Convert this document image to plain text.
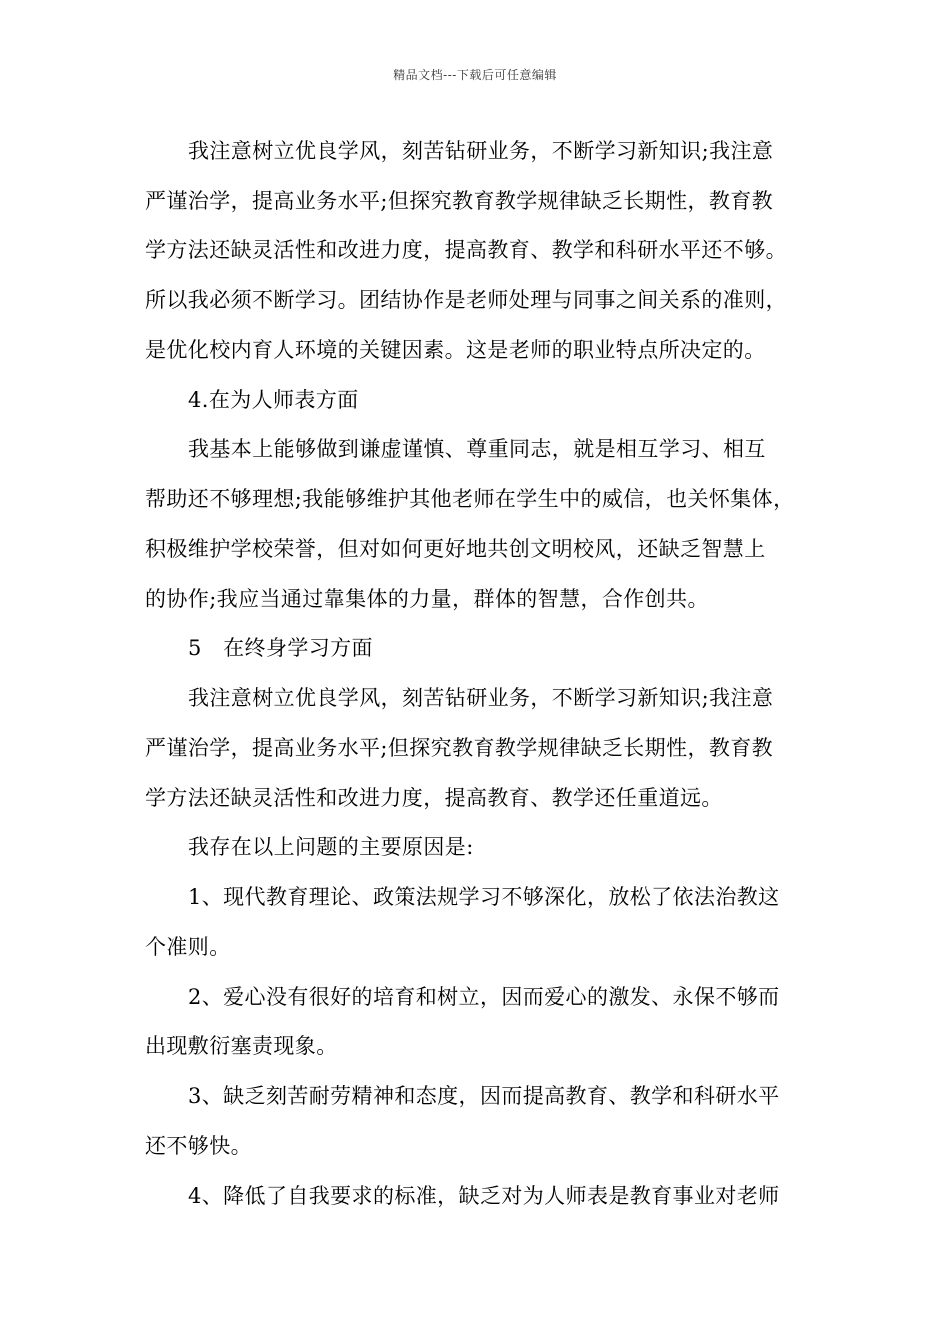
精品文档---下载后可任意编辑
我注意树立优良学风，刻苦钻研业务，不断学习新知识;我注意
严谨治学，提高业务水平;但探究教育教学规律缺乏长期性，教育教
学方法还缺灵活性和改进力度，提高教育、教学和科研水平还不够。
所以我必须不断学习。团结协作是老师处理与同事之间关系的准则，
是优化校内育人环境的关键因素。这是老师的职业特点所决定的。
4.在为人师表方面
我基本上能够做到谦虚谨慎、尊重同志，就是相互学习、相互
帮助还不够理想;我能够维护其他老师在学生中的威信，也关怀集体，
积极维护学校荣誉，但对如何更好地共创文明校风，还缺乏智慧上
的协作;我应当通过靠集体的力量，群体的智慧，合作创共。
5　在终身学习方面
我注意树立优良学风，刻苦钻研业务，不断学习新知识;我注意
严谨治学，提高业务水平;但探究教育教学规律缺乏长期性，教育教
学方法还缺灵活性和改进力度，提高教育、教学还任重道远。
我存在以上问题的主要原因是:
1、现代教育理论、政策法规学习不够深化，放松了依法治教这
个准则。
2、爱心没有很好的培育和树立，因而爱心的激发、永保不够而
出现敷衍塞责现象。
3、缺乏刻苦耐劳精神和态度，因而提高教育、教学和科研水平
还不够快。
4、降低了自我要求的标准，缺乏对为人师表是教育事业对老师
